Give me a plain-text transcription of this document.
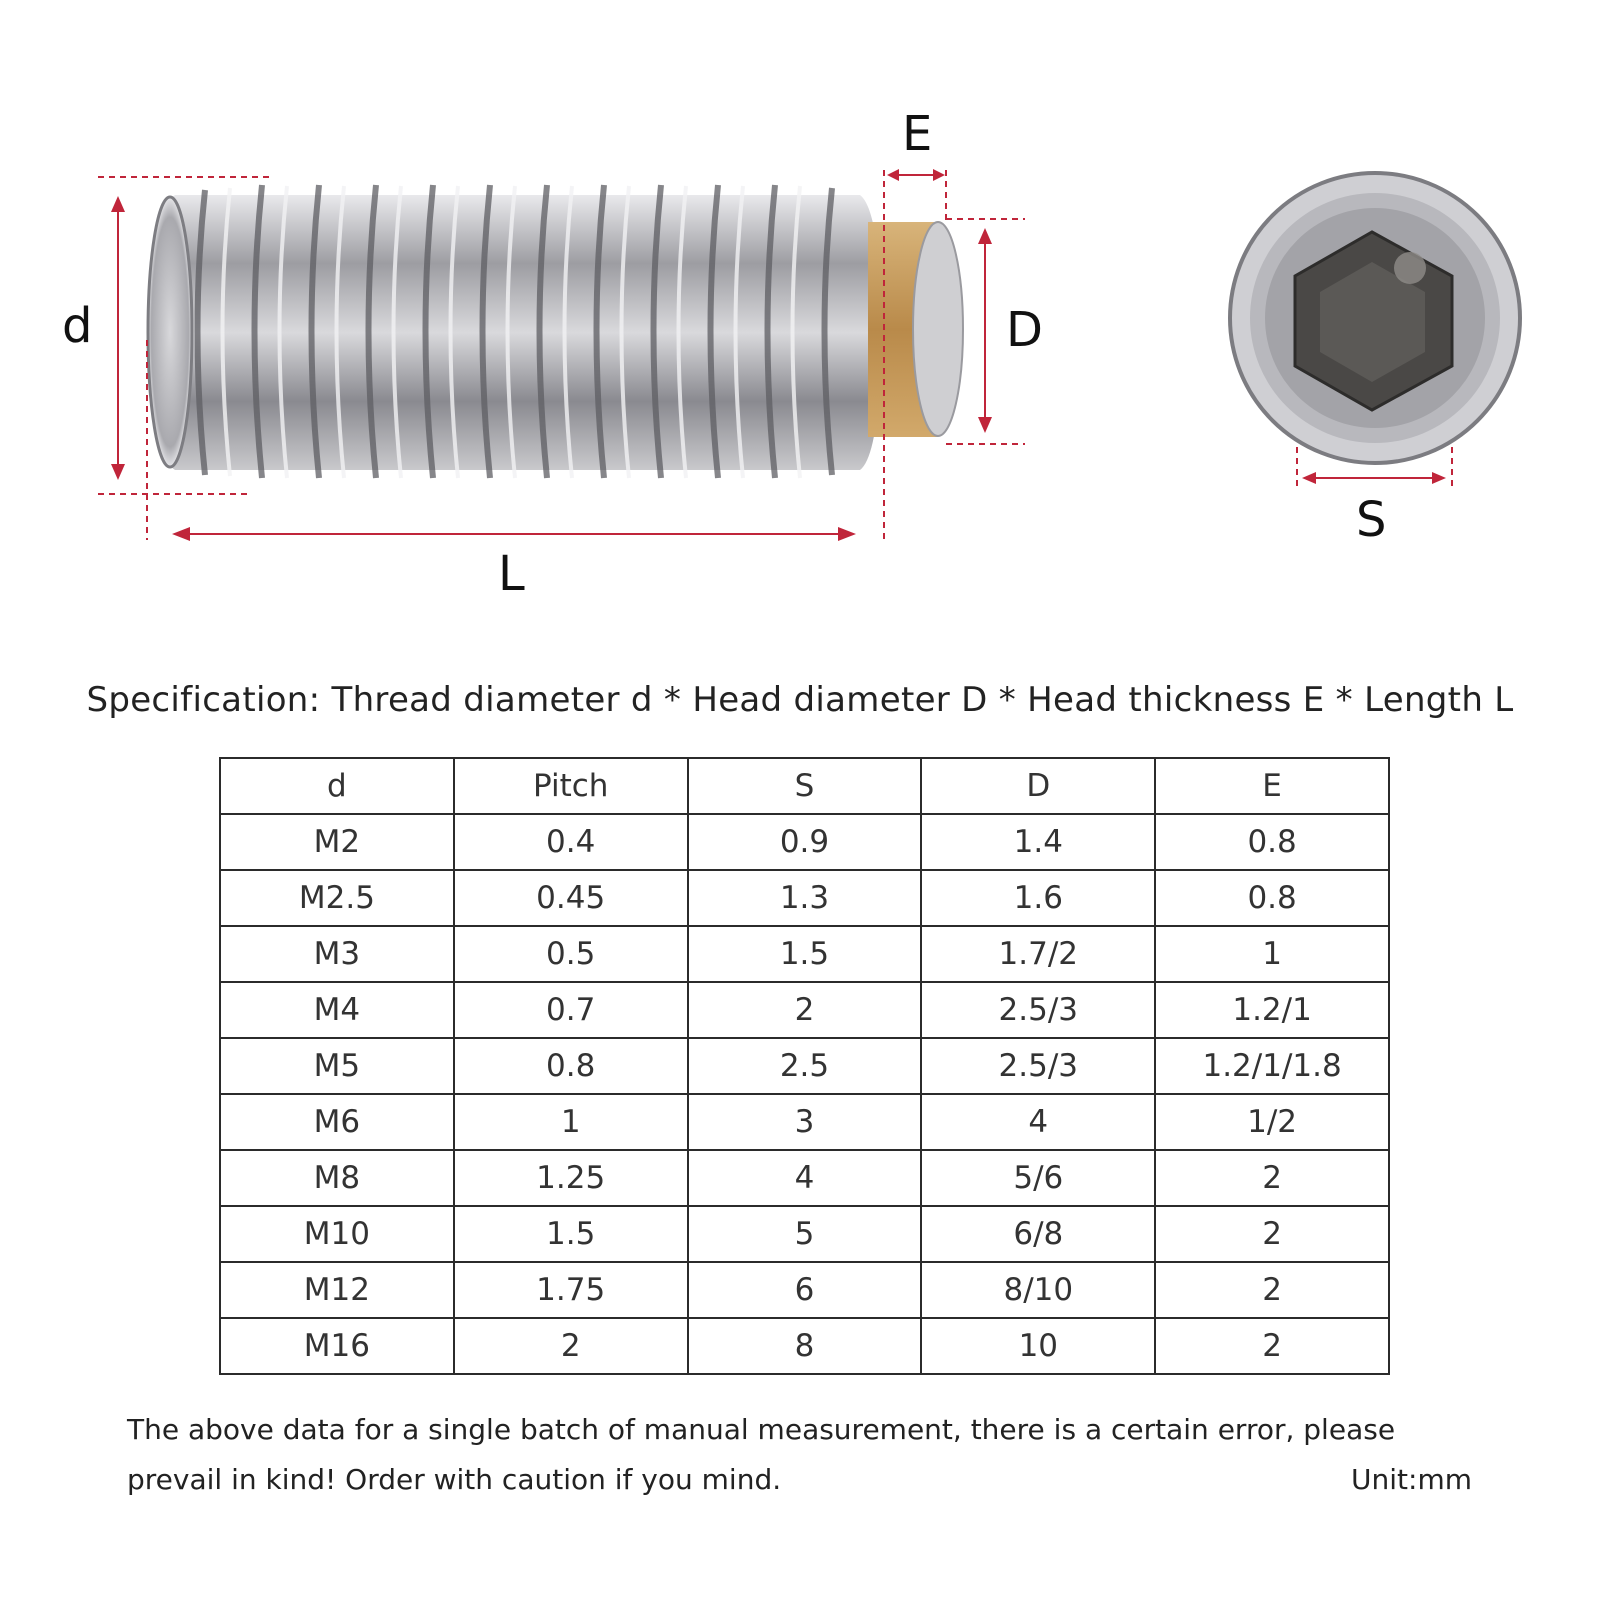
d	D
E
L
S
Specification: Thread diameter d * Head diameter D * Head thickness E * Length L
d	Pitch	S	D	E
M2	0.4	0.9	1.4	0.8
M2.5	0.45	1.3	1.6	0.8
M3	0.5	1.5	1.7/2	1
M4	0.7	2	2.5/3	1.2/1
M5	0.8	2.5	2.5/3	1.2/1/1.8
M6	1	3	4	1/2
M8	1.25	4	5/6	2
M10	1.5	5	6/8	2
M12	1.75	6	8/10	2
M16	2	8	10	2
The above data for a single batch of manual measurement, there is a certain error, please prevail in kind! Order with caution if you mind.	Unit:mm
